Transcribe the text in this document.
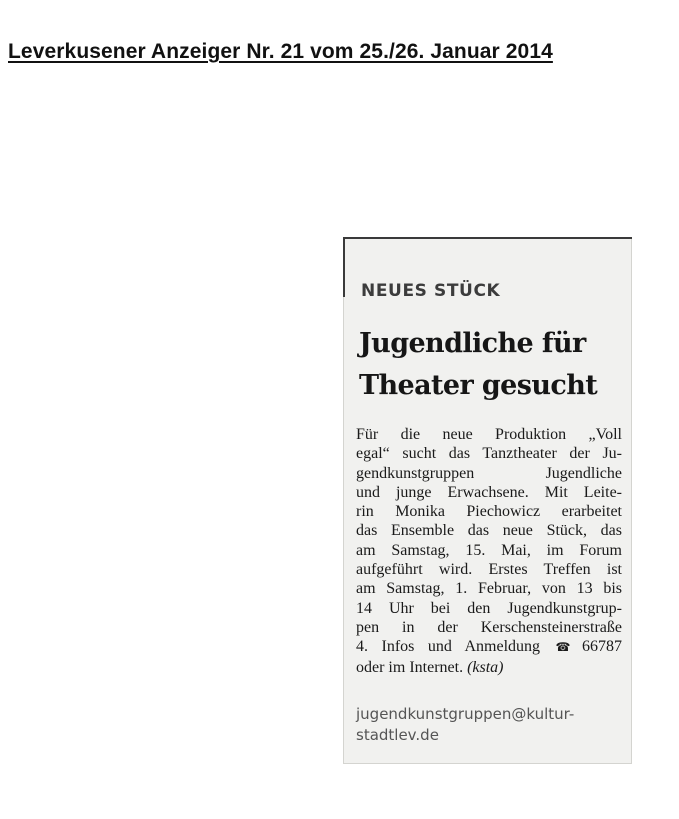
Leverkusener Anzeiger Nr. 21 vom 25./26. Januar 2014
NEUES STÜCK
Jugendliche für
Theater gesucht
Für die neue Produktion „Voll
egal“ sucht das Tanztheater der Ju-
gendkunstgruppen Jugendliche
und junge Erwachsene. Mit Leite-
rin Monika Piechowicz erarbeitet
das Ensemble das neue Stück, das
am Samstag, 15. Mai, im Forum
aufgeführt wird. Erstes Treffen ist
am Samstag, 1. Februar, von 13 bis
14 Uhr bei den Jugendkunstgrup-
pen in der Kerschensteinerstraße
4. Infos und Anmeldung ☎ 66787
oder im Internet. (ksta)
jugendkunstgruppen@kultur-
stadtlev.de
